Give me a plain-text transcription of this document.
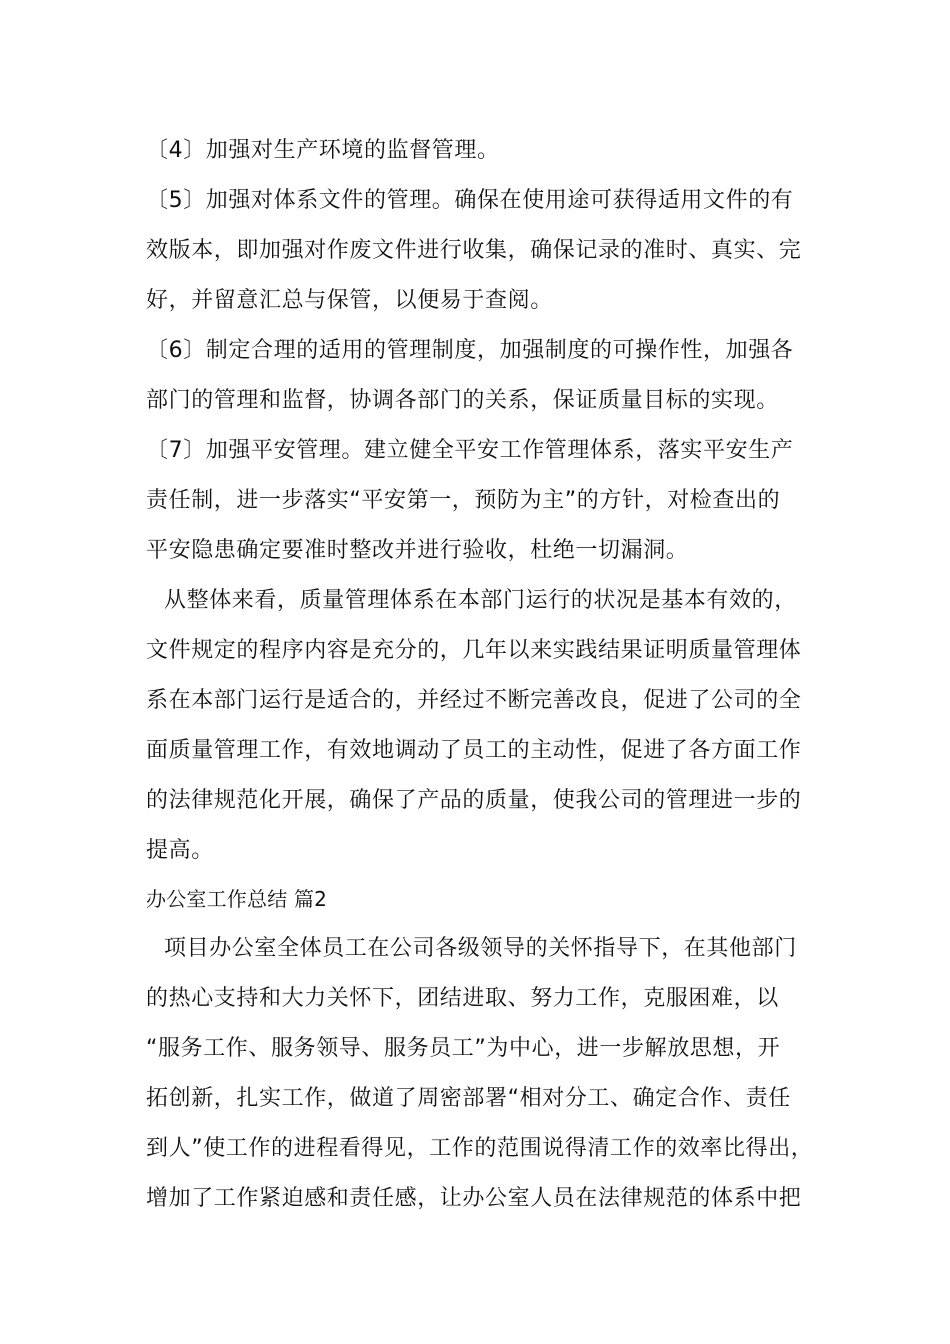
〔4〕加强对生产环境的监督管理。
〔5〕加强对体系文件的管理。确保在使用途可获得适用文件的有
效版本，即加强对作废文件进行收集，确保记录的准时、真实、完
好，并留意汇总与保管，以便易于查阅。
〔6〕制定合理的适用的管理制度，加强制度的可操作性，加强各
部门的管理和监督，协调各部门的关系，保证质量目标的实现。
〔7〕加强平安管理。建立健全平安工作管理体系，落实平安生产
责任制，进一步落实“平安第一，预防为主”的方针，对检查出的
平安隐患确定要准时整改并进行验收，杜绝一切漏洞。
从整体来看，质量管理体系在本部门运行的状况是基本有效的，
文件规定的程序内容是充分的，几年以来实践结果证明质量管理体
系在本部门运行是适合的，并经过不断完善改良，促进了公司的全
面质量管理工作，有效地调动了员工的主动性，促进了各方面工作
的法律规范化开展，确保了产品的质量，使我公司的管理进一步的
提高。
办公室工作总结 篇2
项目办公室全体员工在公司各级领导的关怀指导下，在其他部门
的热心支持和大力关怀下，团结进取、努力工作，克服困难，以
“服务工作、服务领导、服务员工”为中心，进一步解放思想，开
拓创新，扎实工作，做道了周密部署“相对分工、确定合作、责任
到人”使工作的进程看得见，工作的范围说得清工作的效率比得出，
增加了工作紧迫感和责任感，让办公室人员在法律规范的体系中把
